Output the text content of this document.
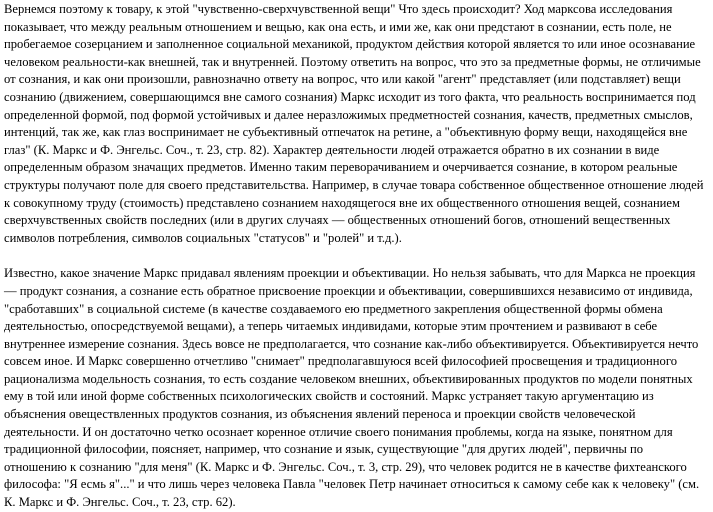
Вернемся поэтому к товару, к этой "чувственно-сверхчувственной вещи" Что здесь происходит? Ход марксова исследования показывает, что между реальным отношением и вещью, как она есть, и ими же, как они предстают в сознании, есть поле, не пробегаемое созерцанием и заполненное социальной механикой, продуктом действия которой является то или иное осознавание человеком реальности-как внешней, так и внутренней. Поэтому ответить на вопрос, что это за предметные формы, не отличимые от сознания, и как они произошли, равнозначно ответу на вопрос, что или какой "агент" представляет (или подставляет) вещи сознанию (движением, совершающимся вне самого сознания) Маркс исходит из того факта, что реальность воспринимается под определенной формой, под формой устойчивых и далее неразложимых предметностей сознания, качеств, предметных смыслов, интенций, так же, как глаз воспринимает не субъективный отпечаток на ретине, а "объективную форму вещи, находящейся вне глаз" (К. Маркс и Ф. Энгельс. Соч., т. 23, стр. 82). Характер деятельности людей отражается обратно в их сознании в виде определенным образом значащих предметов. Именно таким переворачиванием и очерчивается сознание, в котором реальные структуры получают поле для своего представительства. Например, в случае товара собственное общественное отношение людей к совокупному труду (стоимость) представлено сознанием находящегося вне их общественного отношения вещей, сознанием сверхчувственных свойств последних (или в других случаях — общественных отношений богов, отношений вещественных символов потребления, символов социальных "статусов" и "ролей" и т.д.).

Известно, какое значение Маркс придавал явлениям проекции и объективации. Но нельзя забывать, что для Маркса не проекция — продукт сознания, а сознание есть обратное присвоение проекции и объективации, совершившихся независимо от индивида, "сработавших" в социальной системе (в качестве создаваемого ею предметного закрепления общественной формы обмена деятельностью, опосредствуемой вещами), а теперь читаемых индивидами, которые этим прочтением и развивают в себе внутреннее измерение сознания. Здесь вовсе не предполагается, что сознание как-либо объективируется. Объективируется нечто совсем иное. И Маркс совершенно отчетливо "снимает" предполагавшуюся всей философией просвещения и традиционного рационализма модельность сознания, то есть создание человеком внешних, объективированных продуктов по модели понятных ему в той или иной форме собственных психологических свойств и состояний. Маркс устраняет такую аргументацию из объяснения овеществленных продуктов сознания, из объяснения явлений переноса и проекции свойств человеческой деятельности. И он достаточно четко осознает коренное отличие своего понимания проблемы, когда на языке, понятном для традиционной философии, поясняет, например, что сознание и язык, существующие "для других людей", первичны по отношению к сознанию "для меня" (К. Маркс и Ф. Энгельс. Соч., т. 3, стр. 29), что человек родится не в качестве фихтеанского философа: "Я есмь я"..." и что лишь через человека Павла "человек Петр начинает относиться к самому себе как к человеку" (см. К. Маркс и Ф. Энгельс. Соч., т. 23, стр. 62).
